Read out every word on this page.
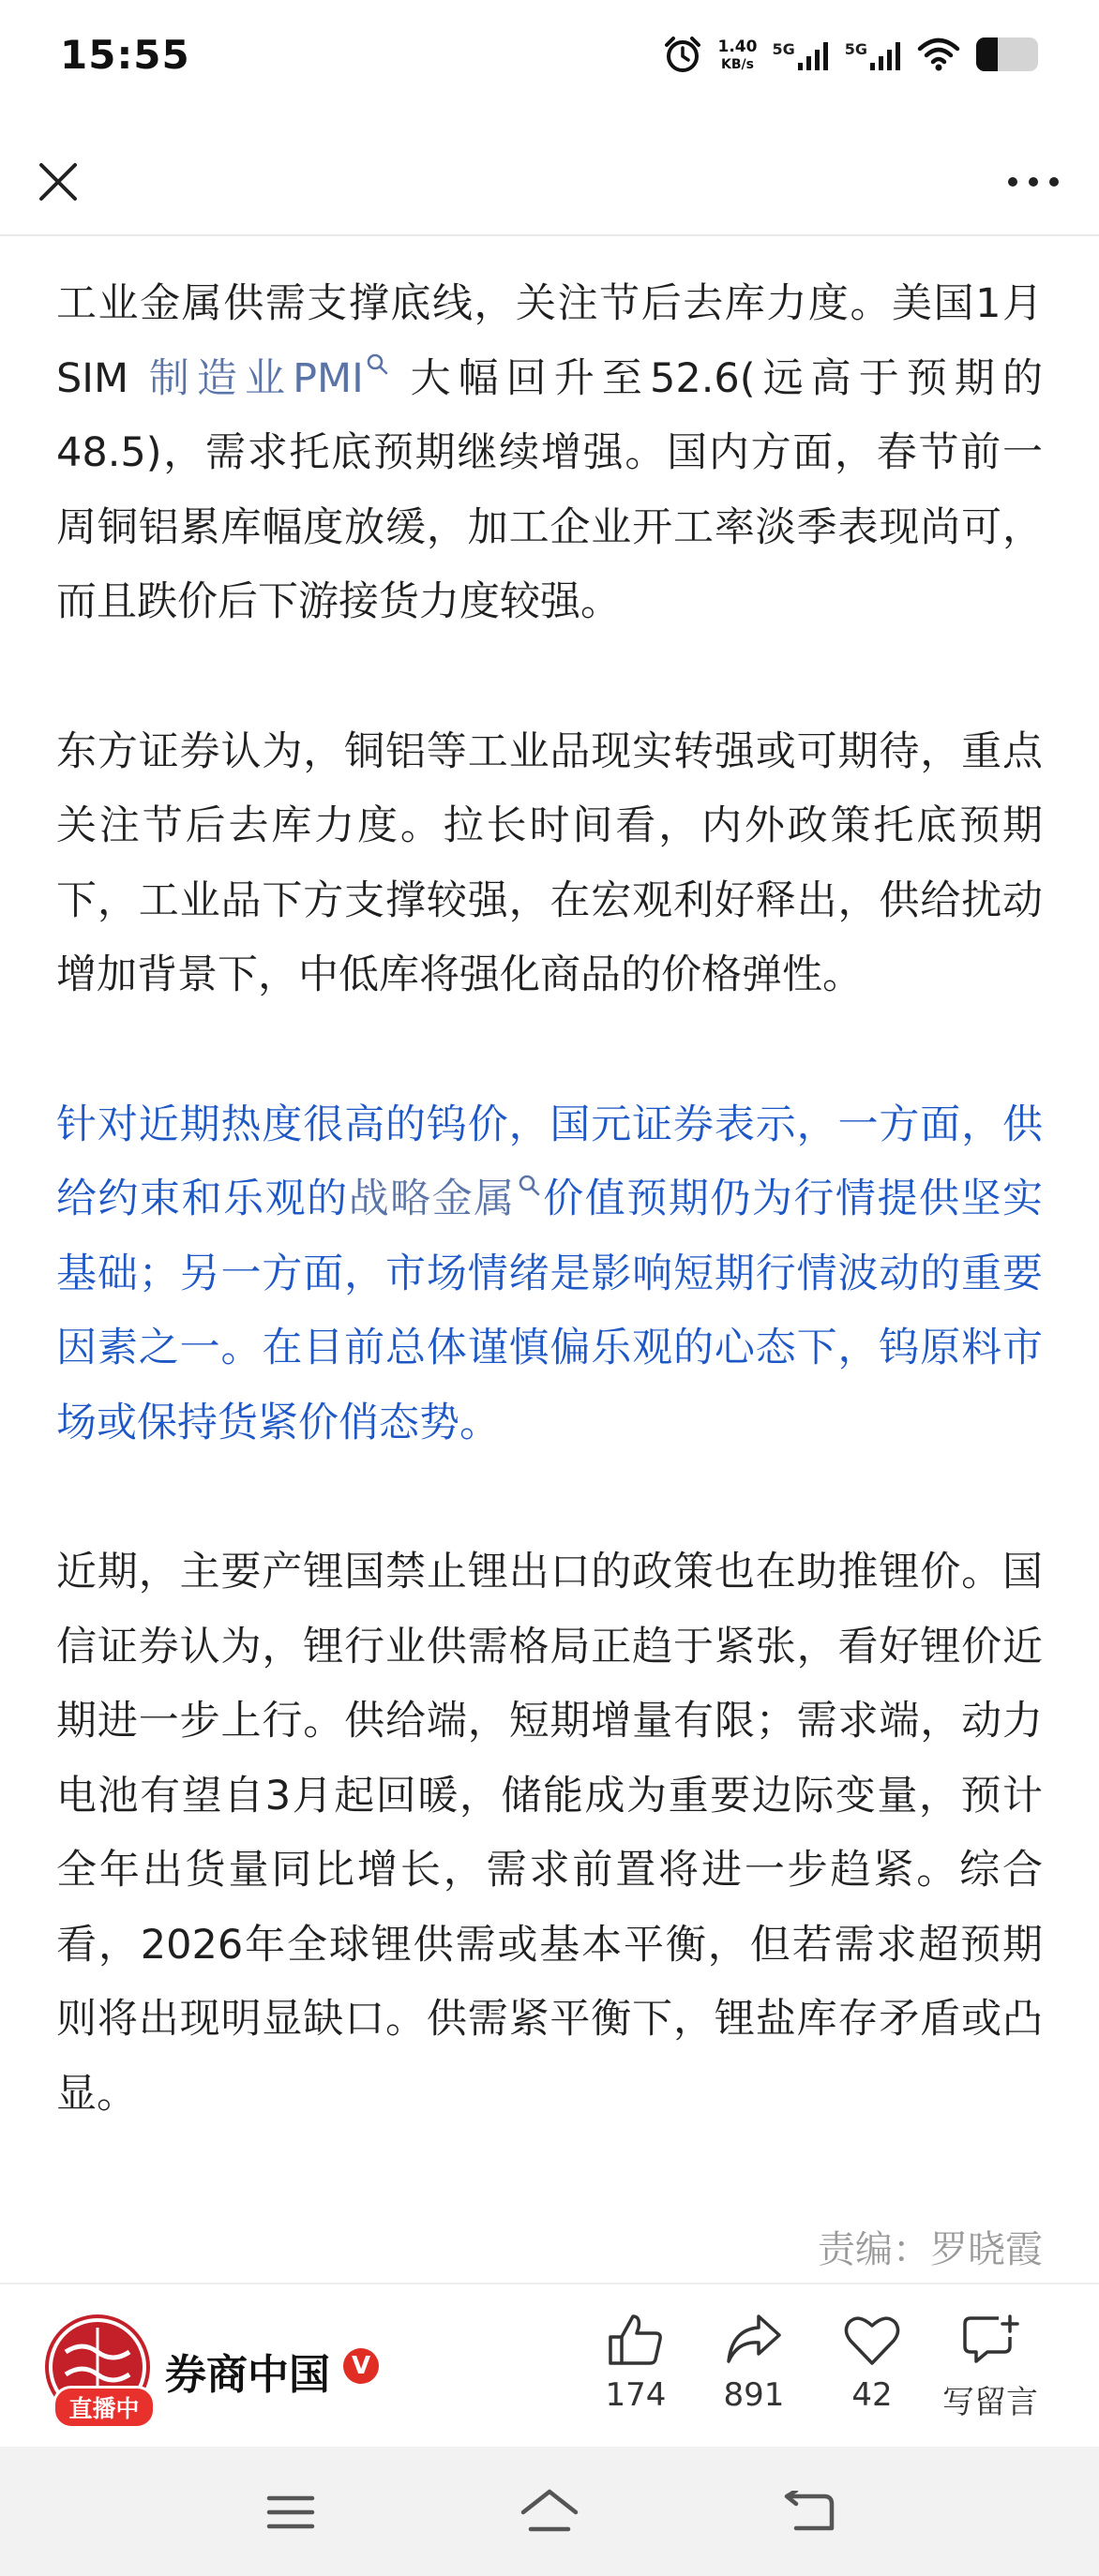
15:55	1.40
KB/s
5G	5G

工业金属供需支撑底线，关注节后去库力度。美国1月SIM 制造业PMI 大幅回升至52.6(远高于预期的48.5)，需求托底预期继续增强。国内方面，春节前一周铜铝累库幅度放缓，加工企业开工率淡季表现尚可，而且跌价后下游接货力度较强。

东方证券认为，铜铝等工业品现实转强或可期待，重点关注节后去库力度。拉长时间看，内外政策托底预期下，工业品下方支撑较强，在宏观利好释出，供给扰动增加背景下，中低库将强化商品的价格弹性。

针对近期热度很高的钨价，国元证券表示，一方面，供给约束和乐观的战略金属 价值预期仍为行情提供坚实基础；另一方面，市场情绪是影响短期行情波动的重要因素之一。在目前总体谨慎偏乐观的心态下，钨原料市场或保持货紧价俏态势。

近期，主要产锂国禁止锂出口的政策也在助推锂价。国信证券认为，锂行业供需格局正趋于紧张，看好锂价近期进一步上行。供给端，短期增量有限；需求端，动力电池有望自3月起回暖，储能成为重要边际变量，预计全年出货量同比增长，需求前置将进一步趋紧。综合看，2026年全球锂供需或基本平衡，但若需求超预期则将出现明显缺口。供需紧平衡下，锂盐库存矛盾或凸显。

责编：罗晓霞
直播中
券商中国 V
174 891 42 写留言
